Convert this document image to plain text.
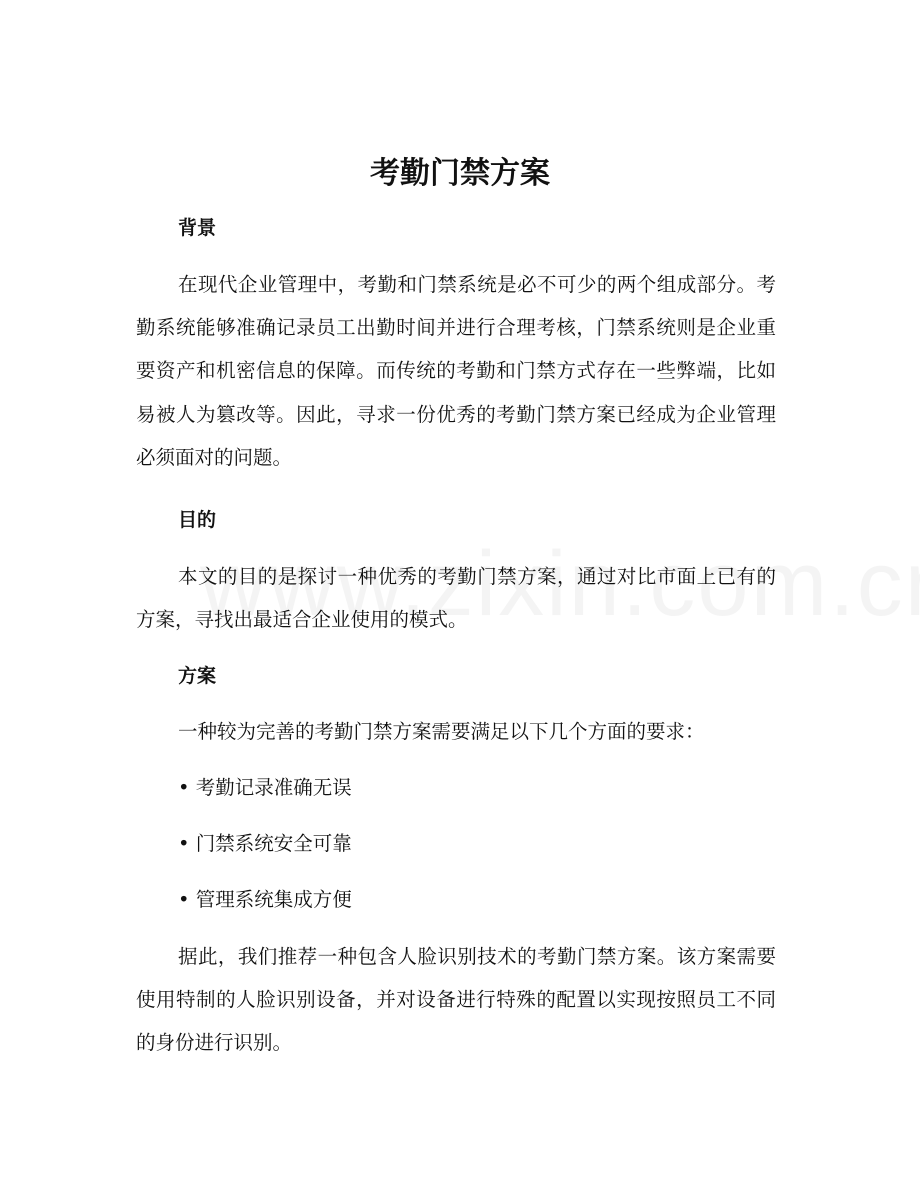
考勤门禁方案
背景
在现代企业管理中，考勤和门禁系统是必不可少的两个组成部分。考勤系统能够准确记录员工出勤时间并进行合理考核，门禁系统则是企业重要资产和机密信息的保障。而传统的考勤和门禁方式存在一些弊端，比如易被人为篡改等。因此，寻求一份优秀的考勤门禁方案已经成为企业管理必须面对的问题。
目的
本文的目的是探讨一种优秀的考勤门禁方案，通过对比市面上已有的方案，寻找出最适合企业使用的模式。
方案
一种较为完善的考勤门禁方案需要满足以下几个方面的要求：
• 考勤记录准确无误
• 门禁系统安全可靠
• 管理系统集成方便
据此，我们推荐一种包含人脸识别技术的考勤门禁方案。该方案需要使用特制的人脸识别设备，并对设备进行特殊的配置以实现按照员工不同的身份进行识别。
